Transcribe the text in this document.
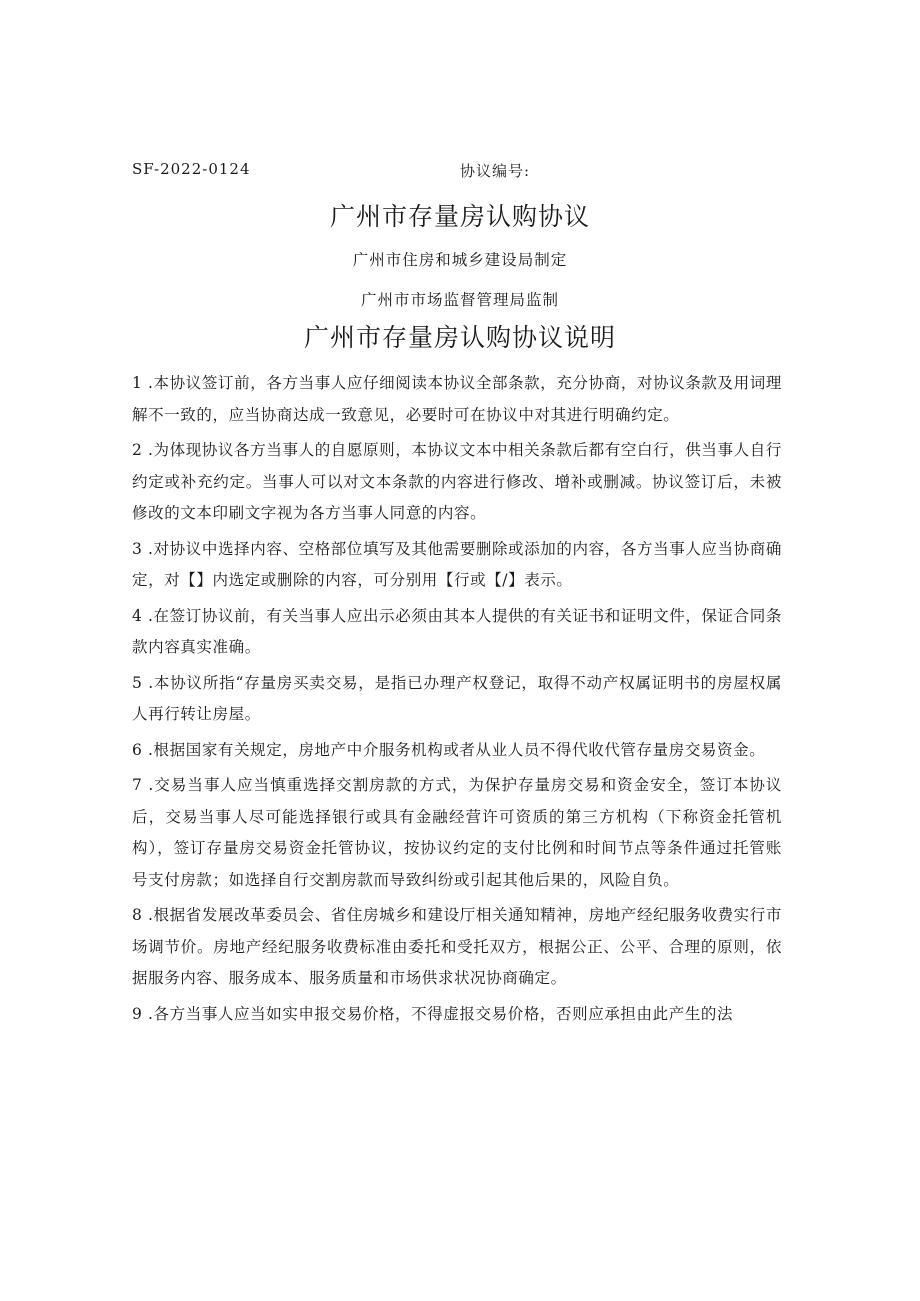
SF-2022-0124	协议编号:
广州市存量房认购协议
广州市住房和城乡建设局制定
广州市市场监督管理局监制
广州市存量房认购协议说明

1 .本协议签订前，各方当事人应仔细阅读本协议全部条款，充分协商，对协议条款及用词理解不一致的，应当协商达成一致意见，必要时可在协议中对其进行明确约定。

2 .为体现协议各方当事人的自愿原则，本协议文本中相关条款后都有空白行，供当事人自行约定或补充约定。当事人可以对文本条款的内容进行修改、增补或删减。协议签订后，未被修改的文本印刷文字视为各方当事人同意的内容。

3 .对协议中选择内容、空格部位填写及其他需要删除或添加的内容，各方当事人应当协商确定，对【】内选定或删除的内容，可分别用【行或【/】表示。

4 .在签订协议前，有关当事人应出示必须由其本人提供的有关证书和证明文件，保证合同条款内容真实准确。

5 .本协议所指“存量房买卖交易，是指已办理产权登记，取得不动产权属证明书的房屋权属人再行转让房屋。

6 .根据国家有关规定，房地产中介服务机构或者从业人员不得代收代管存量房交易资金。

7 .交易当事人应当慎重选择交割房款的方式，为保护存量房交易和资金安全，签订本协议后，交易当事人尽可能选择银行或具有金融经营许可资质的第三方机构（下称资金托管机构），签订存量房交易资金托管协议，按协议约定的支付比例和时间节点等条件通过托管账号支付房款；如选择自行交割房款而导致纠纷或引起其他后果的，风险自负。

8 .根据省发展改革委员会、省住房城乡和建设厅相关通知精神，房地产经纪服务收费实行市场调节价。房地产经纪服务收费标准由委托和受托双方，根据公正、公平、合理的原则，依据服务内容、服务成本、服务质量和市场供求状况协商确定。

9 .各方当事人应当如实申报交易价格，不得虚报交易价格，否则应承担由此产生的法
